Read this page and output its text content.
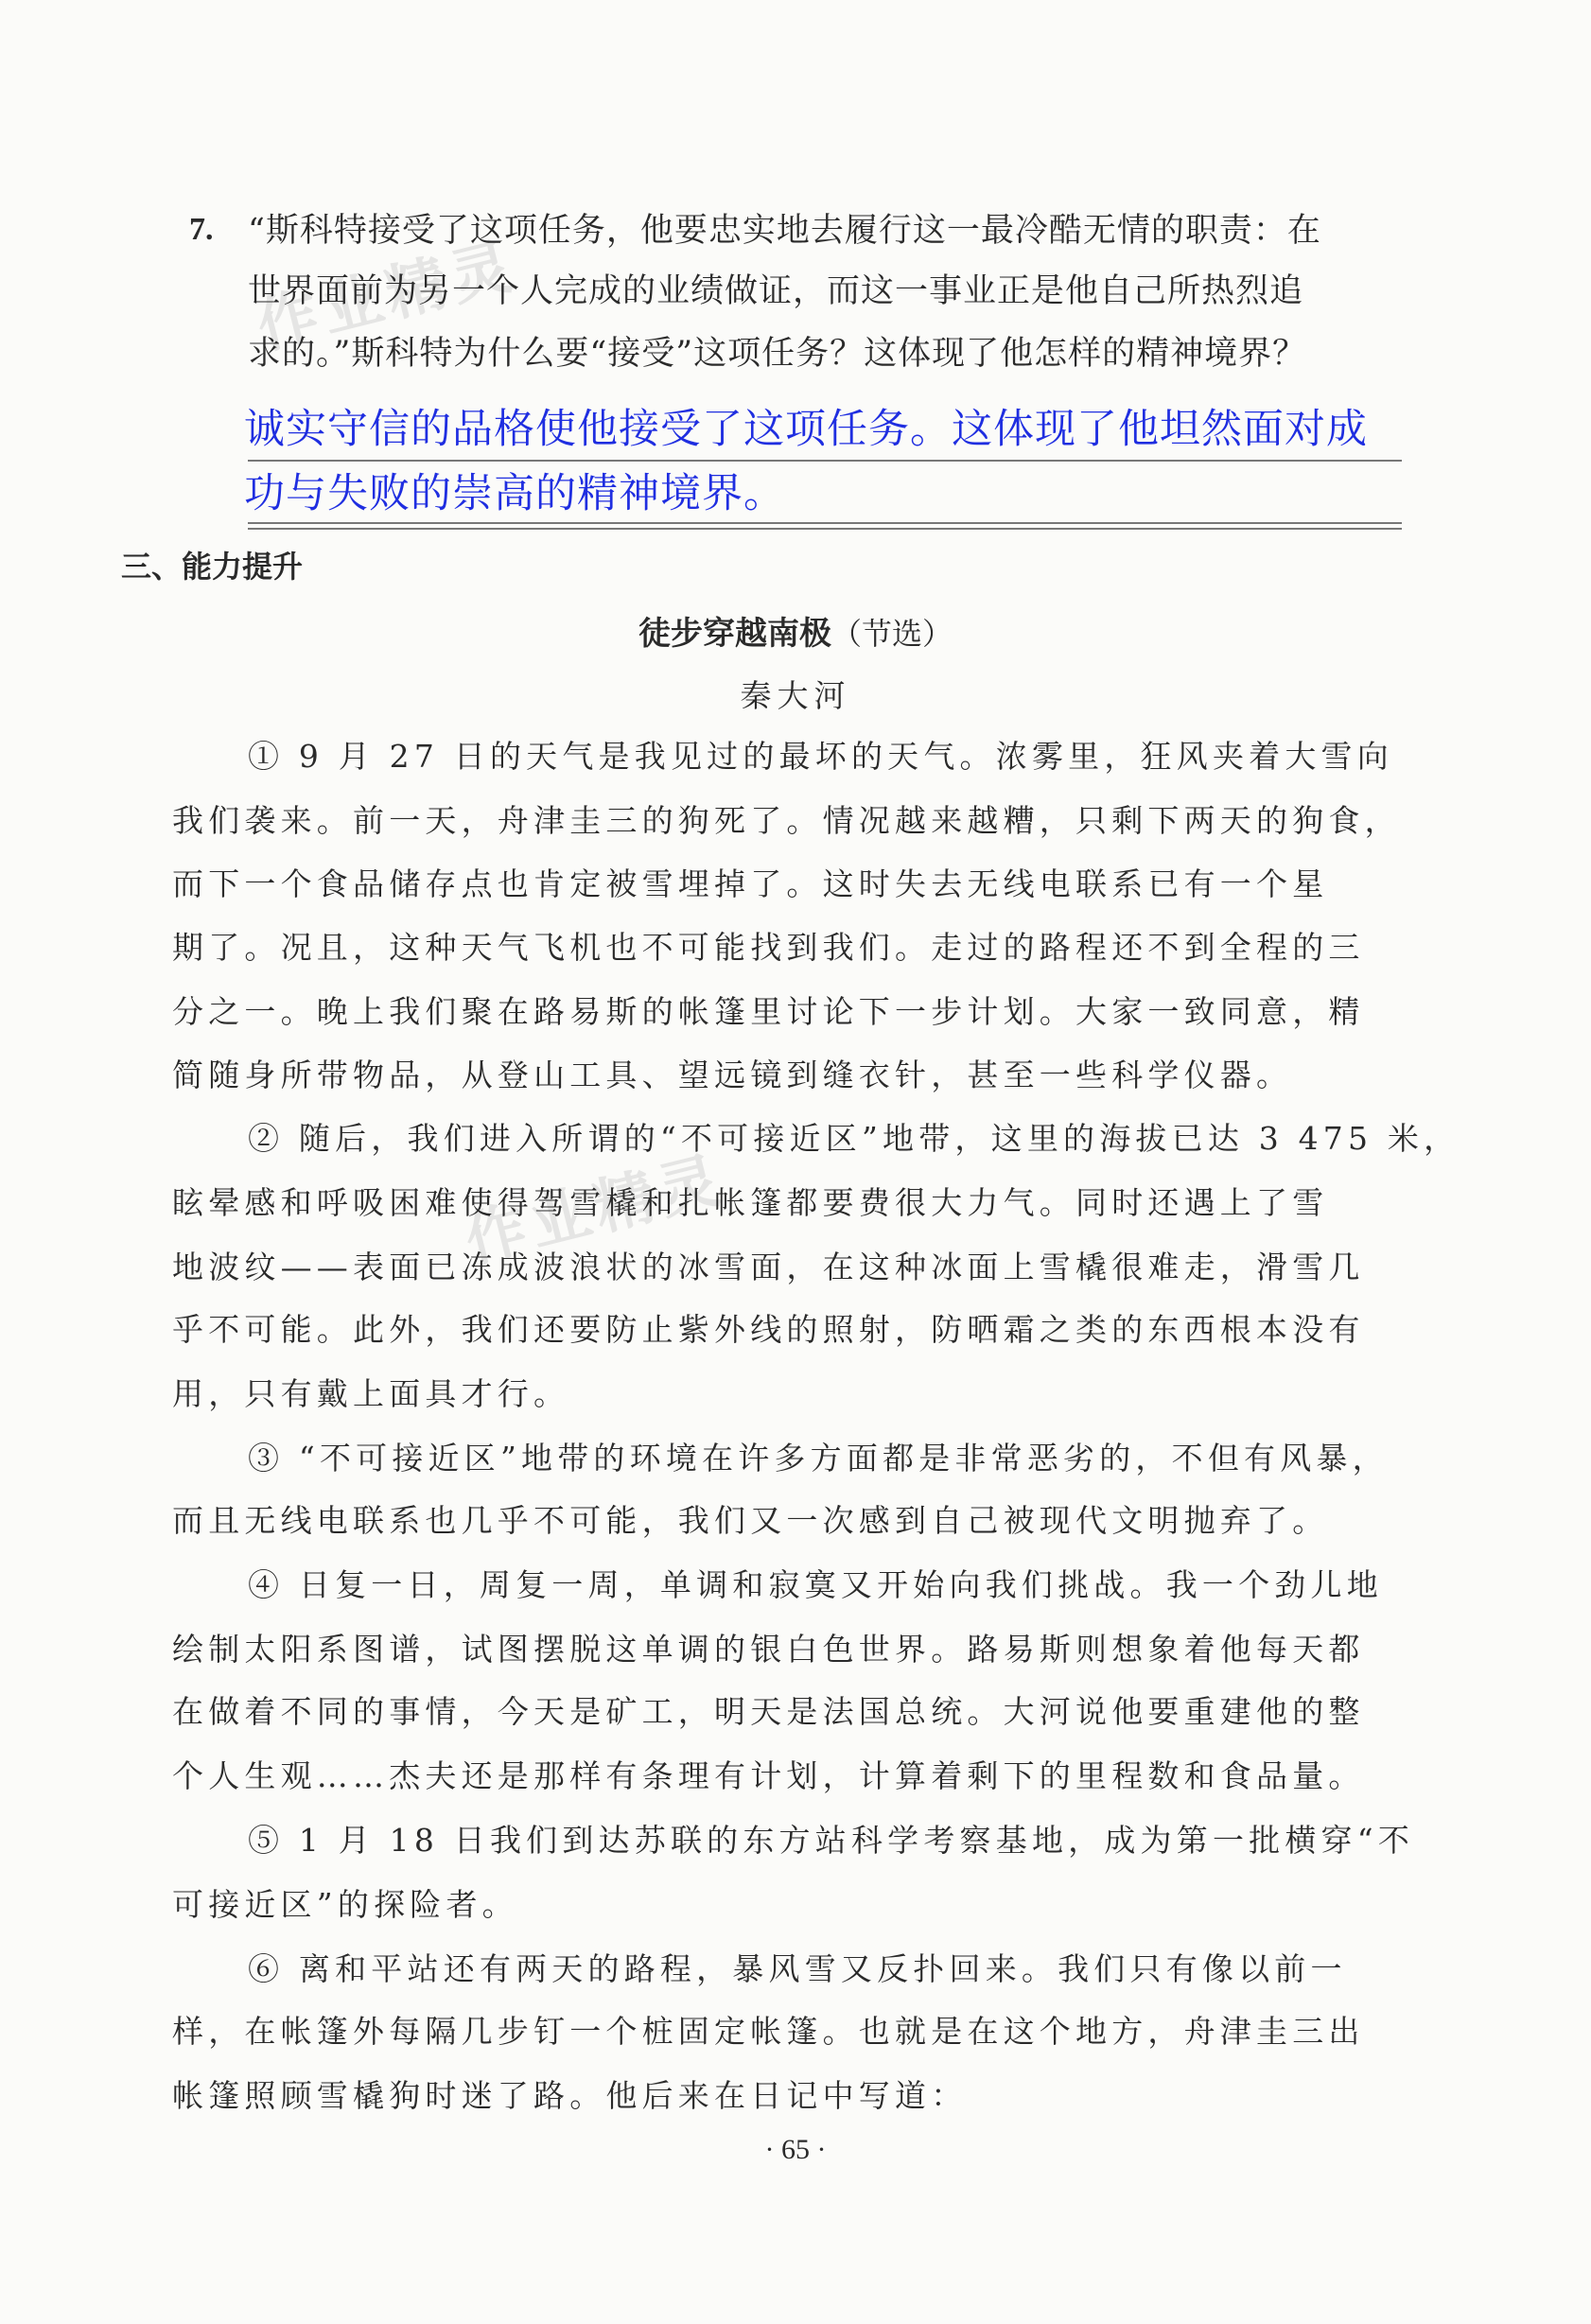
作业精灵
作业精灵
7. “斯科特接受了这项任务，他要忠实地去履行这一最冷酷无情的职责：在
世界面前为另一个人完成的业绩做证，而这一事业正是他自己所热烈追
求的。”斯科特为什么要“接受”这项任务？这体现了他怎样的精神境界？
诚实守信的品格使他接受了这项任务。这体现了他坦然面对成
功与失败的崇高的精神境界。
三、能力提升
徒步穿越南极（节选）
秦大河
① 9 月 27 日的天气是我见过的最坏的天气。浓雾里，狂风夹着大雪向
我们袭来。前一天，舟津圭三的狗死了。情况越来越糟，只剩下两天的狗食，
而下一个食品储存点也肯定被雪埋掉了。这时失去无线电联系已有一个星
期了。况且，这种天气飞机也不可能找到我们。走过的路程还不到全程的三
分之一。晚上我们聚在路易斯的帐篷里讨论下一步计划。大家一致同意，精
简随身所带物品，从登山工具、望远镜到缝衣针，甚至一些科学仪器。
② 随后，我们进入所谓的“不可接近区”地带，这里的海拔已达 3 475 米，
眩晕感和呼吸困难使得驾雪橇和扎帐篷都要费很大力气。同时还遇上了雪
地波纹——表面已冻成波浪状的冰雪面，在这种冰面上雪橇很难走，滑雪几
乎不可能。此外，我们还要防止紫外线的照射，防晒霜之类的东西根本没有
用，只有戴上面具才行。
③ “不可接近区”地带的环境在许多方面都是非常恶劣的，不但有风暴，
而且无线电联系也几乎不可能，我们又一次感到自己被现代文明抛弃了。
④ 日复一日，周复一周，单调和寂寞又开始向我们挑战。我一个劲儿地
绘制太阳系图谱，试图摆脱这单调的银白色世界。路易斯则想象着他每天都
在做着不同的事情，今天是矿工，明天是法国总统。大河说他要重建他的整
个人生观……杰夫还是那样有条理有计划，计算着剩下的里程数和食品量。
⑤ 1 月 18 日我们到达苏联的东方站科学考察基地，成为第一批横穿“不
可接近区”的探险者。
⑥ 离和平站还有两天的路程，暴风雪又反扑回来。我们只有像以前一
样，在帐篷外每隔几步钉一个桩固定帐篷。也就是在这个地方，舟津圭三出
帐篷照顾雪橇狗时迷了路。他后来在日记中写道：
· 65 ·
